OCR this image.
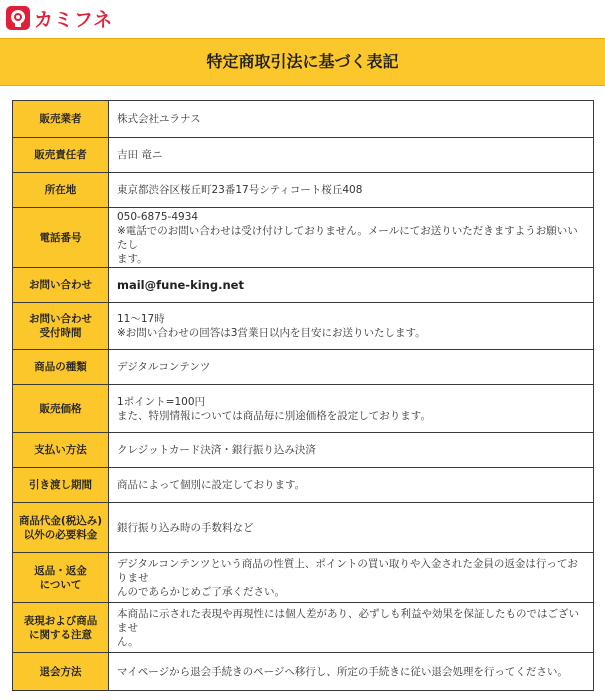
カミフネ
特定商取引法に基づく表記
販売業者	株式会社ユラナス

販売責任者	吉田 竜ニ

所在地	東京都渋谷区桜丘町23番17号シティコート桜丘408

電話番号	050-6875-4934
※電話でのお問い合わせは受け付けしておりません。メールにてお送りいただきますようお願いいたし
ます。

お問い合わせ	mail@fune-king.net

お問い合わせ
受付時間	11～17時
※お問い合わせの回答は3営業日以内を目安にお送りいたします。

商品の種類	デジタルコンテンツ

販売価格	1ポイント=100円
また、特別情報については商品毎に別途価格を設定しております。

支払い方法	クレジットカード決済・銀行振り込み決済

引き渡し期間	商品によって個別に設定しております。

商品代金(税込み)
以外の必要料金	銀行振り込み時の手数料など

返品・返金
について	デジタルコンテンツという商品の性質上、ポイントの買い取りや入金された金員の返金は行っておりませ
んのであらかじめご了承ください。

表現および商品
に関する注意	本商品に示された表現や再現性には個人差があり、必ずしも利益や効果を保証したものではございませ
ん。

退会方法	マイページから退会手続きのページへ移行し、所定の手続きに従い退会処理を行ってください。
